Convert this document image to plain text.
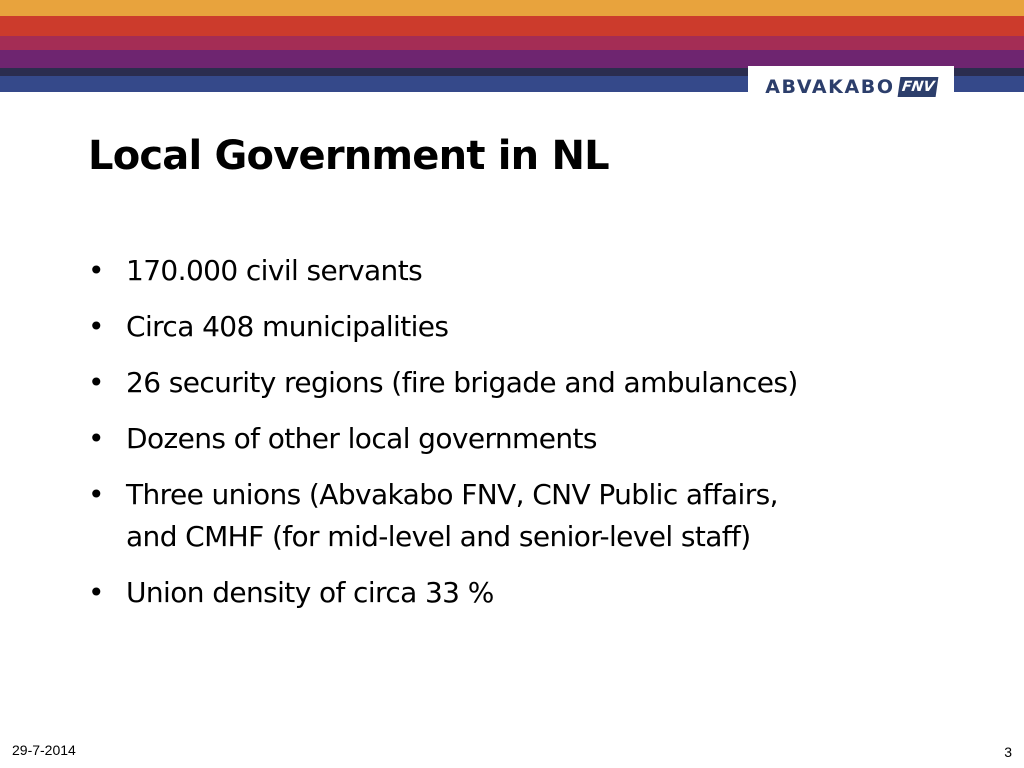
ABVAKABO FNV
Local Government in NL
• 170.000 civil servants
• Circa 408 municipalities
• 26 security regions (fire brigade and ambulances)
• Dozens of other local governments
• Three unions (Abvakabo FNV, CNV Public affairs,
and CMHF (for mid-level and senior-level staff)
• Union density of circa 33 %
29-7-2014	3
